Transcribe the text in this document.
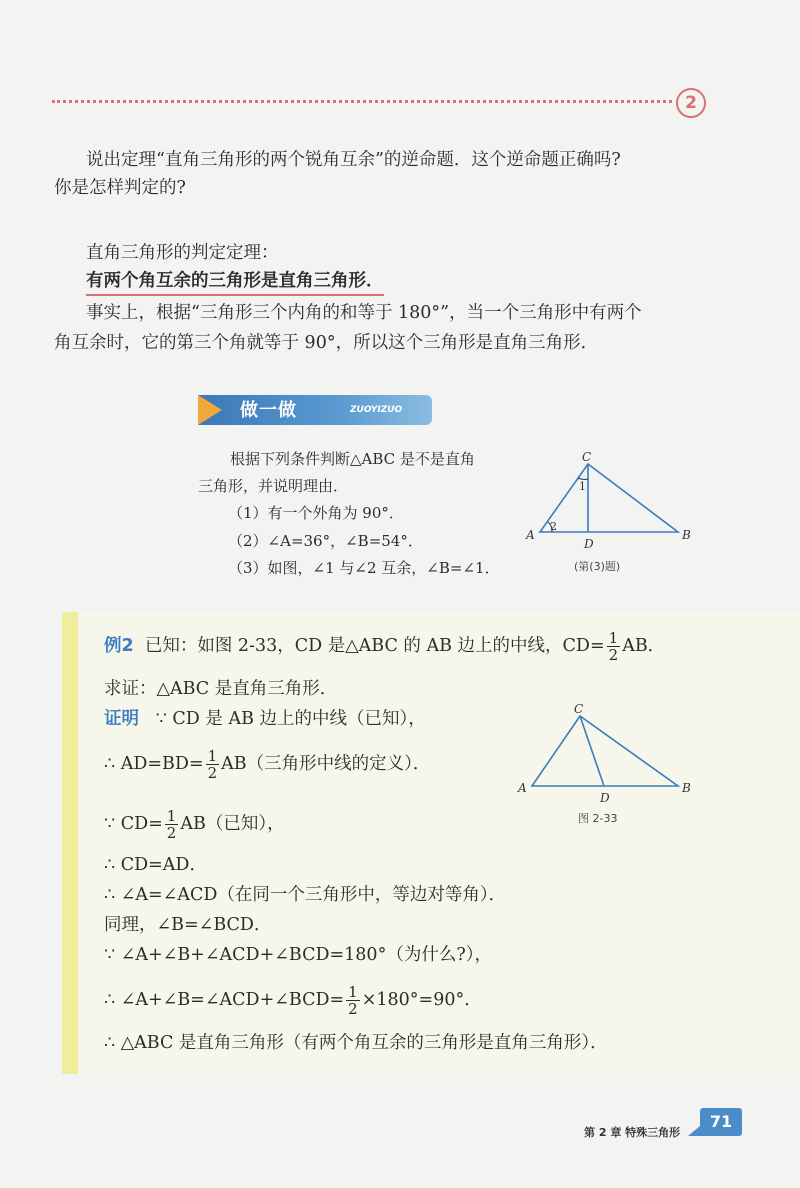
2
说出定理“直角三角形的两个锐角互余”的逆命题．这个逆命题正确吗?
你是怎样判定的?
直角三角形的判定定理：
有两个角互余的三角形是直角三角形．
事实上，根据“三角形三个内角的和等于 180°”，当一个三角形中有两个
角互余时，它的第三个角就等于 90°，所以这个三角形是直角三角形．
做一做	ZUOYIZUO
根据下列条件判断△ABC 是不是直角
三角形，并说明理由．
（1）有一个外角为 90°．
（2）∠A=36°，∠B=54°．
（3）如图，∠1 与∠2 互余，∠B=∠1．
C
A	B
D
1
2
(第(3)题)
例2 已知：如图 2-33，CD 是△ABC 的 AB 边上的中线，$CD= \frac{1}{2}$ AB．
求证：△ABC 是直角三角形．
证明 ∵ CD 是 AB 边上的中线（已知），
∴ $AD=BD= \frac{1}{2} AB$（三角形中线的定义）．
∵ $CD= \frac{1}{2} AB$（已知），
∴ CD=AD．
∴ ∠A=∠ACD（在同一个三角形中，等边对等角）．
同理，∠B=∠BCD．
∵ ∠A+∠B+∠ACD+∠BCD=180°（为什么?），
∴ ∠A+∠B=∠ACD+∠BCD= $\frac{1}{2} \times 180^\circ=90^\circ$．
∴ △ABC 是直角三角形（有两个角互余的三角形是直角三角形）．
C
A	B
D
图 2-33
第 2 章 特殊三角形
71
